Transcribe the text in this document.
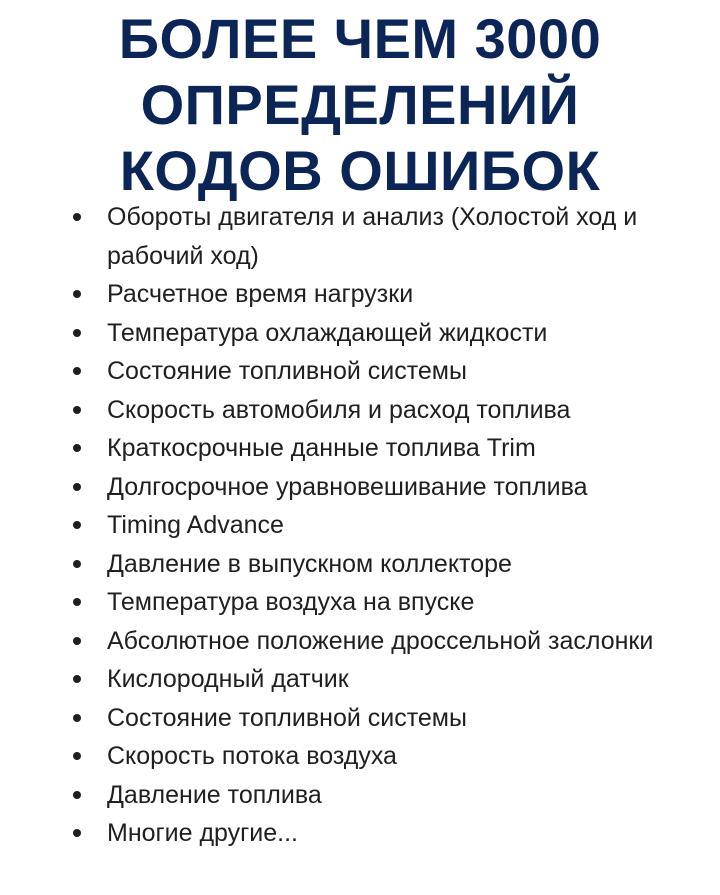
БОЛЕЕ ЧЕМ 3000
ОПРЕДЕЛЕНИЙ
КОДОВ ОШИБОК
Обороты двигателя и анализ (Холостой ход и рабочий ход)
Расчетное время нагрузки
Температура охлаждающей жидкости
Состояние топливной системы
Скорость автомобиля и расход топлива
Краткосрочные данные топлива Trim
Долгосрочное уравновешивание топлива
Timing Advance
Давление в выпускном коллекторе
Температура воздуха на впуске
Абсолютное положение дроссельной заслонки
Кислородный датчик
Состояние топливной системы
Скорость потока воздуха
Давление топлива
Многие другие...
